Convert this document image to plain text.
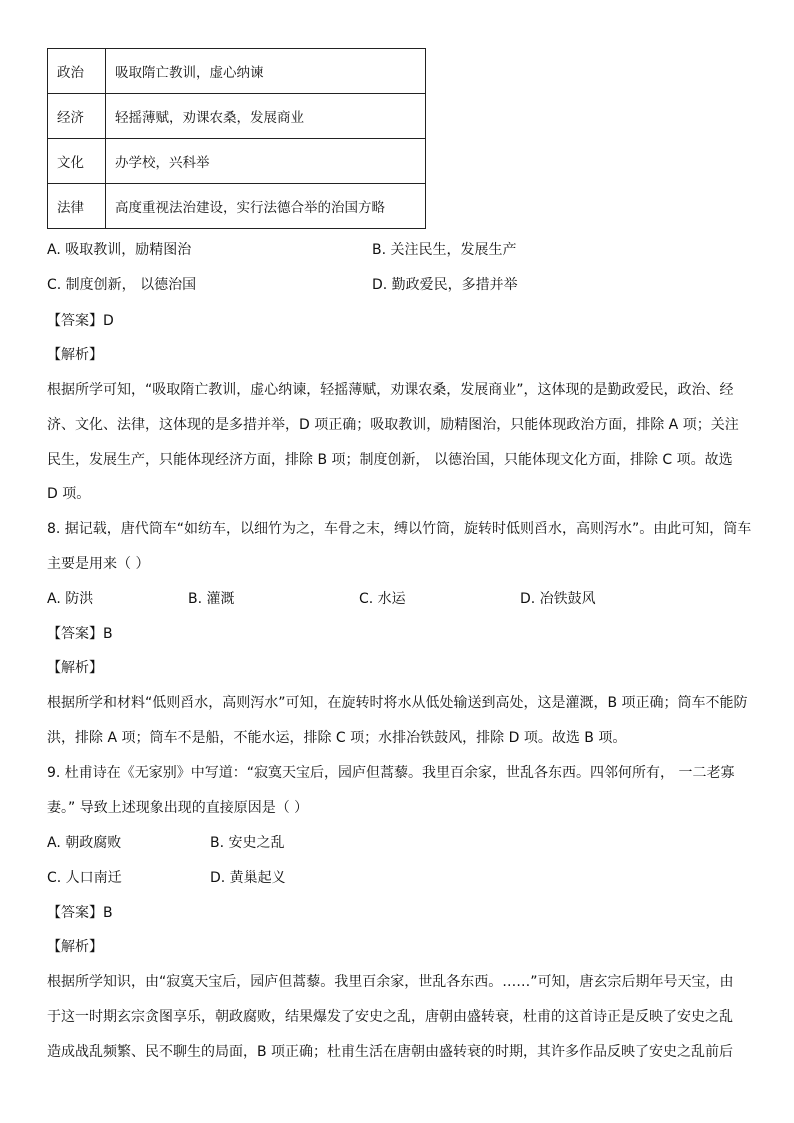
政治	吸取隋亡教训，虚心纳谏
经济	轻摇薄赋，劝课农桑，发展商业
文化	办学校，兴科举
法律	高度重视法治建设，实行法德合举的治国方略
A. 吸取教训，励精图治	B. 关注民生，发展生产
C. 制度创新， 以德治国	D. 勤政爱民，多措并举
【答案】D
【解析】
根据所学可知，“吸取隋亡教训，虚心纳谏，轻摇薄赋，劝课农桑，发展商业”，这体现的是勤政爱民，政治、经
济、文化、法律，这体现的是多措并举，D 项正确；吸取教训，励精图治，只能体现政治方面，排除 A 项；关注
民生，发展生产，只能体现经济方面，排除 B 项；制度创新， 以德治国，只能体现文化方面，排除 C 项。故选
D 项。
8. 据记载，唐代筒车“如纺车，以细竹为之，车骨之末，缚以竹筒，旋转时低则舀水，高则泻水”。由此可知，筒车
主要是用来（ ）
A. 防洪	B. 灌溉	C. 水运	D. 冶铁鼓风
【答案】B
【解析】
根据所学和材料“低则舀水，高则泻水”可知，在旋转时将水从低处输送到高处，这是灌溉，B 项正确；筒车不能防
洪，排除 A 项；筒车不是船，不能水运，排除 C 项；水排冶铁鼓风，排除 D 项。故选 B 项。
9. 杜甫诗在《无家别》中写道：“寂寞天宝后，园庐但蒿藜。我里百余家，世乱各东西。四邻何所有， 一二老寡
妻。” 导致上述现象出现的直接原因是（ ）
A. 朝政腐败	B. 安史之乱
C. 人口南迁	D. 黄巢起义
【答案】B
【解析】
根据所学知识，由“寂寞天宝后，园庐但蒿藜。我里百余家，世乱各东西。……”可知，唐玄宗后期年号天宝，由
于这一时期玄宗贪图享乐，朝政腐败，结果爆发了安史之乱，唐朝由盛转衰，杜甫的这首诗正是反映了安史之乱
造成战乱频繁、民不聊生的局面，B 项正确；杜甫生活在唐朝由盛转衰的时期，其许多作品反映了安史之乱前后
